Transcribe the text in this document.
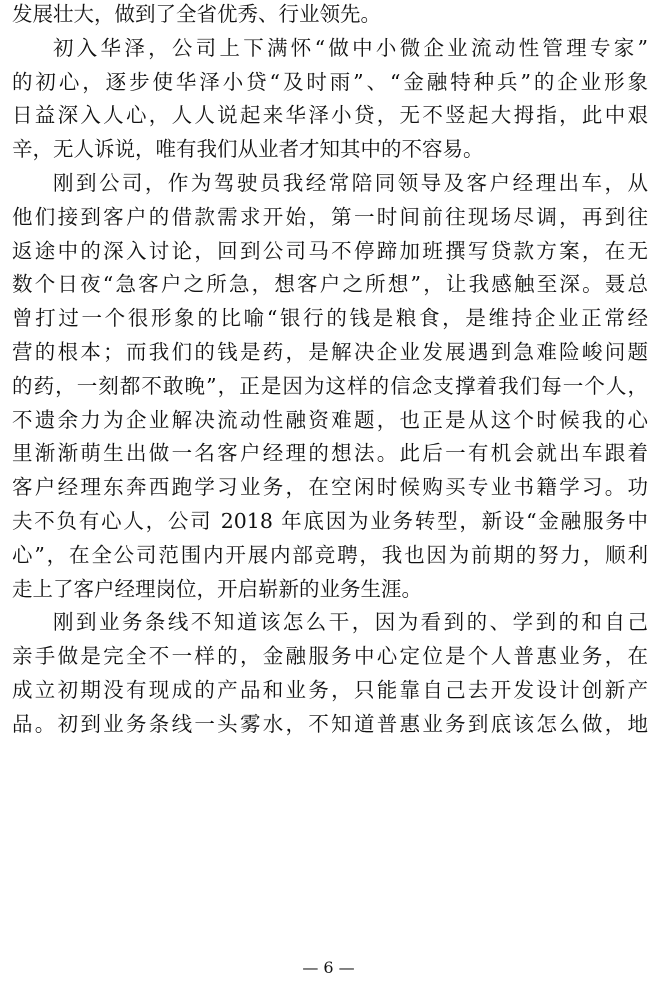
发展壮大，做到了全省优秀、行业领先。
初入华泽，公司上下满怀“做中小微企业流动性管理专家”
的初心，逐步使华泽小贷“及时雨”、“金融特种兵”的企业形象
日益深入人心，人人说起来华泽小贷，无不竖起大拇指，此中艰
辛，无人诉说，唯有我们从业者才知其中的不容易。
刚到公司，作为驾驶员我经常陪同领导及客户经理出车，从
他们接到客户的借款需求开始，第一时间前往现场尽调，再到往
返途中的深入讨论，回到公司马不停蹄加班撰写贷款方案，在无
数个日夜“急客户之所急，想客户之所想”，让我感触至深。聂总
曾打过一个很形象的比喻“银行的钱是粮食，是维持企业正常经
营的根本；而我们的钱是药，是解决企业发展遇到急难险峻问题
的药，一刻都不敢晚”，正是因为这样的信念支撑着我们每一个人，
不遗余力为企业解决流动性融资难题，也正是从这个时候我的心
里渐渐萌生出做一名客户经理的想法。此后一有机会就出车跟着
客户经理东奔西跑学习业务，在空闲时候购买专业书籍学习。功
夫不负有心人，公司 2018 年底因为业务转型，新设“金融服务中
心”，在全公司范围内开展内部竞聘，我也因为前期的努力，顺利
走上了客户经理岗位，开启崭新的业务生涯。
刚到业务条线不知道该怎么干，因为看到的、学到的和自己
亲手做是完全不一样的，金融服务中心定位是个人普惠业务，在
成立初期没有现成的产品和业务，只能靠自己去开发设计创新产
品。初到业务条线一头雾水，不知道普惠业务到底该怎么做，地
— 6 —
